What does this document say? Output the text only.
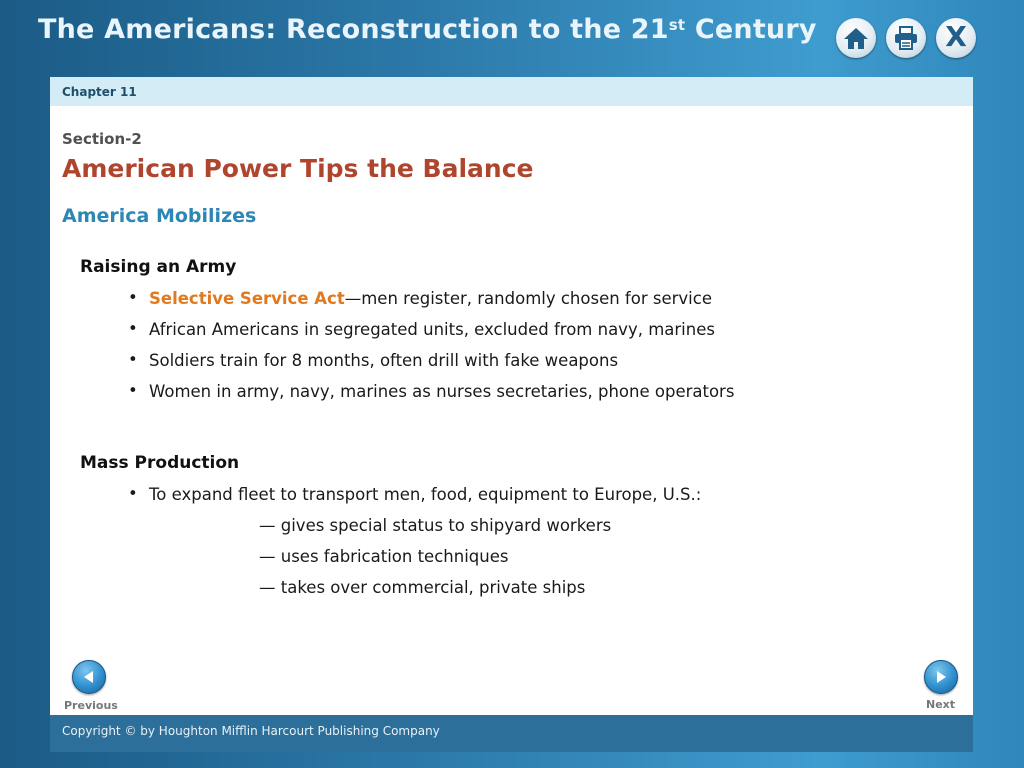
The Americans: Reconstruction to the 21st Century	X
Chapter 11
Section-2
American Power Tips the Balance
America Mobilizes
Raising an Army
• Selective Service Act—men register, randomly chosen for service
• African Americans in segregated units, excluded from navy, marines
• Soldiers train for 8 months, often drill with fake weapons
• Women in army, navy, marines as nurses secretaries, phone operators
Mass Production
• To expand fleet to transport men, food, equipment to Europe, U.S.:
— gives special status to shipyard workers
— uses fabrication techniques
— takes over commercial, private ships
Previous	Next
Copyright © by Houghton Mifflin Harcourt Publishing Company
